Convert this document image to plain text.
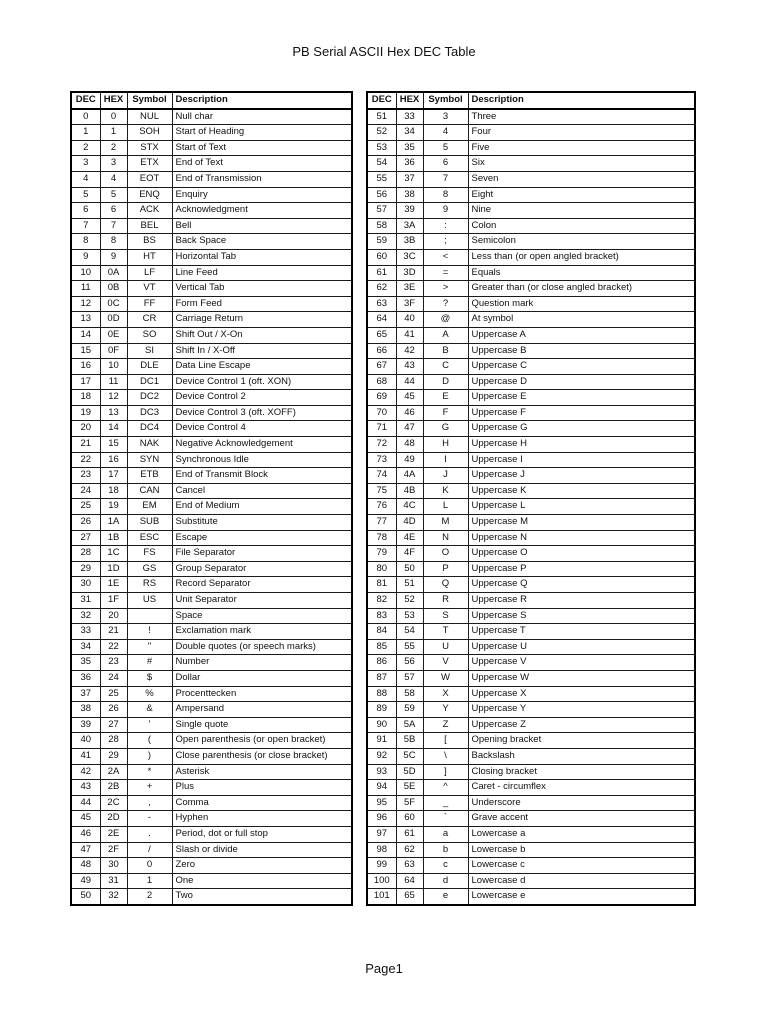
PB Serial ASCII Hex DEC Table
DEC	HEX	Symbol	Description
0	0	NUL	Null char
1	1	SOH	Start of Heading
2	2	STX	Start of Text
3	3	ETX	End of Text
4	4	EOT	End of Transmission
5	5	ENQ	Enquiry
6	6	ACK	Acknowledgment
7	7	BEL	Bell
8	8	BS	Back Space
9	9	HT	Horizontal Tab
10	0A	LF	Line Feed
11	0B	VT	Vertical Tab
12	0C	FF	Form Feed
13	0D	CR	Carriage Return
14	0E	SO	Shift Out / X-On
15	0F	SI	Shift In / X-Off
16	10	DLE	Data Line Escape
17	11	DC1	Device Control 1 (oft. XON)
18	12	DC2	Device Control 2
19	13	DC3	Device Control 3 (oft. XOFF)
20	14	DC4	Device Control 4
21	15	NAK	Negative Acknowledgement
22	16	SYN	Synchronous Idle
23	17	ETB	End of Transmit Block
24	18	CAN	Cancel
25	19	EM	End of Medium
26	1A	SUB	Substitute
27	1B	ESC	Escape
28	1C	FS	File Separator
29	1D	GS	Group Separator
30	1E	RS	Record Separator
31	1F	US	Unit Separator
32	20		Space
33	21	!	Exclamation mark
34	22	"	Double quotes (or speech marks)
35	23	#	Number
36	24	$	Dollar
37	25	%	Procenttecken
38	26	&	Ampersand
39	27	'	Single quote
40	28	(	Open parenthesis (or open bracket)
41	29	)	Close parenthesis (or close bracket)
42	2A	*	Asterisk
43	2B	+	Plus
44	2C	,	Comma
45	2D	-	Hyphen
46	2E	.	Period, dot or full stop
47	2F	/	Slash or divide
48	30	0	Zero
49	31	1	One
50	32	2	Two
DEC	HEX	Symbol	Description
51	33	3	Three
52	34	4	Four
53	35	5	Five
54	36	6	Six
55	37	7	Seven
56	38	8	Eight
57	39	9	Nine
58	3A	:	Colon
59	3B	;	Semicolon
60	3C	<	Less than (or open angled bracket)
61	3D	=	Equals
62	3E	>	Greater than (or close angled bracket)
63	3F	?	Question mark
64	40	@	At symbol
65	41	A	Uppercase A
66	42	B	Uppercase B
67	43	C	Uppercase C
68	44	D	Uppercase D
69	45	E	Uppercase E
70	46	F	Uppercase F
71	47	G	Uppercase G
72	48	H	Uppercase H
73	49	I	Uppercase I
74	4A	J	Uppercase J
75	4B	K	Uppercase K
76	4C	L	Uppercase L
77	4D	M	Uppercase M
78	4E	N	Uppercase N
79	4F	O	Uppercase O
80	50	P	Uppercase P
81	51	Q	Uppercase Q
82	52	R	Uppercase R
83	53	S	Uppercase S
84	54	T	Uppercase T
85	55	U	Uppercase U
86	56	V	Uppercase V
87	57	W	Uppercase W
88	58	X	Uppercase X
89	59	Y	Uppercase Y
90	5A	Z	Uppercase Z
91	5B	[	Opening bracket
92	5C	\	Backslash
93	5D	]	Closing bracket
94	5E	^	Caret - circumflex
95	5F	_	Underscore
96	60	`	Grave accent
97	61	a	Lowercase a
98	62	b	Lowercase b
99	63	c	Lowercase c
100	64	d	Lowercase d
101	65	e	Lowercase e
Page1
